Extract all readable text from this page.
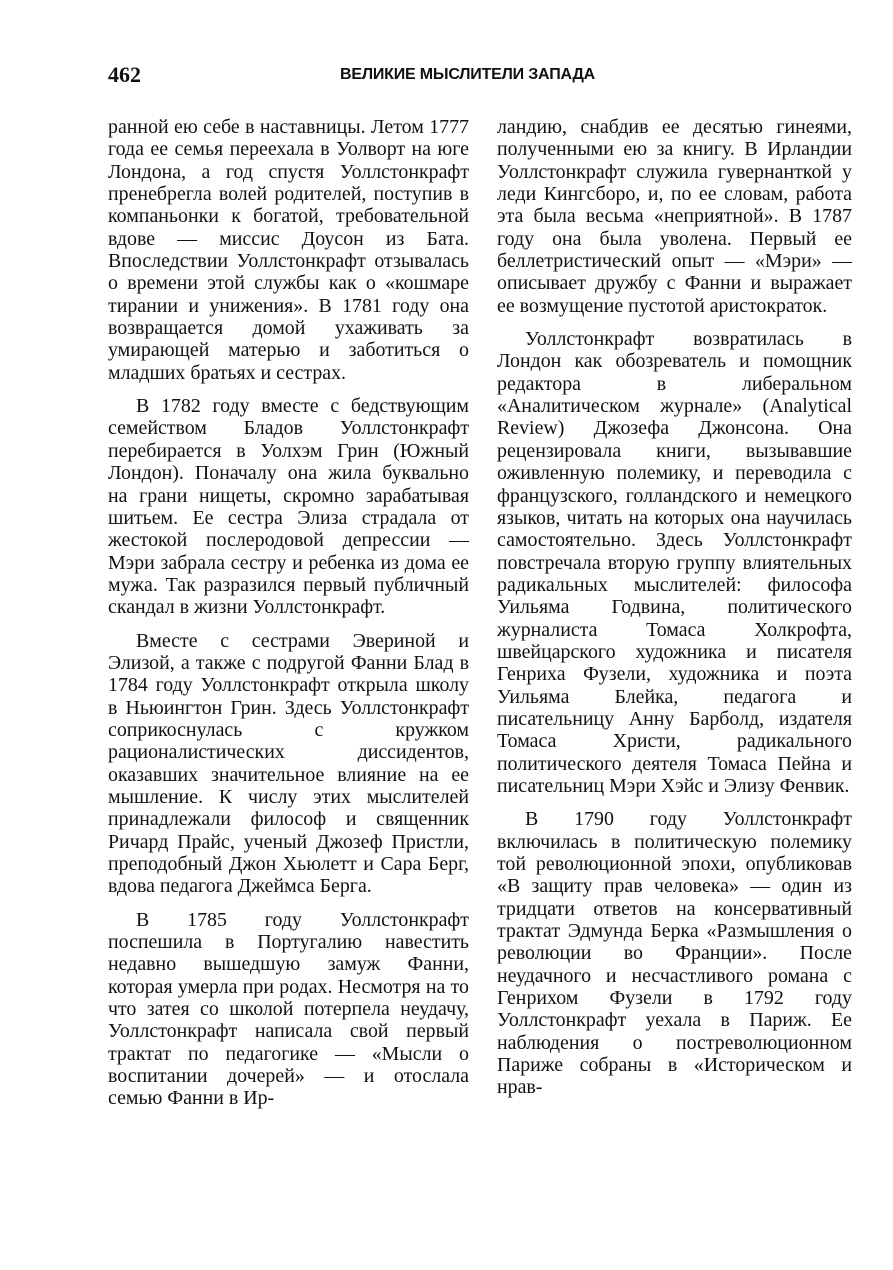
462	ВЕЛИКИЕ МЫСЛИТЕЛИ ЗАПАДА

ранной ею себе в наставницы. Летом 1777 года ее семья переехала в Уолворт на юге Лондона, а год спустя Уоллстонкрафт пренебрегла волей родителей, поступив в компаньонки к богатой, требовательной вдове — миссис Доусон из Бата. Впоследствии Уоллстонкрафт отзывалась о времени этой службы как о «кошмаре тирании и унижения». В 1781 году она возвращается домой ухаживать за умирающей матерью и заботиться о младших братьях и сестрах.

В 1782 году вместе с бедствующим семейством Бладов Уоллстонкрафт перебирается в Уолхэм Грин (Южный Лондон). Поначалу она жила буквально на грани нищеты, скромно зарабатывая шитьем. Ее сестра Элиза страдала от жестокой послеродовой депрессии — Мэри забрала сестру и ребенка из дома ее мужа. Так разразился первый публичный скандал в жизни Уоллстонкрафт.

Вместе с сестрами Эвериной и Элизой, а также с подругой Фанни Блад в 1784 году Уоллстонкрафт открыла школу в Ньюингтон Грин. Здесь Уоллстонкрафт соприкоснулась с кружком рационалистических диссидентов, оказавших значительное влияние на ее мышление. К числу этих мыслителей принадлежали философ и священник Ричард Прайс, ученый Джозеф Пристли, преподобный Джон Хьюлетт и Сара Берг, вдова педагога Джеймса Берга.

В 1785 году Уоллстонкрафт поспешила в Португалию навестить недавно вышедшую замуж Фанни, которая умерла при родах. Несмотря на то что затея со школой потерпела неудачу, Уоллстонкрафт написала свой первый трактат по педагогике — «Мысли о воспитании дочерей» — и отослала семью Фанни в Ир-

ландию, снабдив ее десятью гинеями, полученными ею за книгу. В Ирландии Уоллстонкрафт служила гувернанткой у леди Кингсборо, и, по ее словам, работа эта была весьма «неприятной». В 1787 году она была уволена. Первый ее беллетристический опыт — «Мэри» — описывает дружбу с Фанни и выражает ее возмущение пустотой аристократок.

Уоллстонкрафт возвратилась в Лондон как обозреватель и помощник редактора в либеральном «Аналитическом журнале» (Analytical Review) Джозефа Джонсона. Она рецензировала книги, вызывавшие оживленную полемику, и переводила с французского, голландского и немецкого языков, читать на которых она научилась самостоятельно. Здесь Уоллстонкрафт повстречала вторую группу влиятельных радикальных мыслителей: философа Уильяма Годвина, политического журналиста Томаса Холкрофта, швейцарского художника и писателя Генриха Фузели, художника и поэта Уильяма Блейка, педагога и писательницу Анну Барболд, издателя Томаса Христи, радикального политического деятеля Томаса Пейна и писательниц Мэри Хэйс и Элизу Фенвик.

В 1790 году Уоллстонкрафт включилась в политическую полемику той революционной эпохи, опубликовав «В защиту прав человека» — один из тридцати ответов на консервативный трактат Эдмунда Берка «Размышления о революции во Франции». После неудачного и несчастливого романа с Генрихом Фузели в 1792 году Уоллстонкрафт уехала в Париж. Ее наблюдения о постреволюционном Париже собраны в «Историческом и нрав-
